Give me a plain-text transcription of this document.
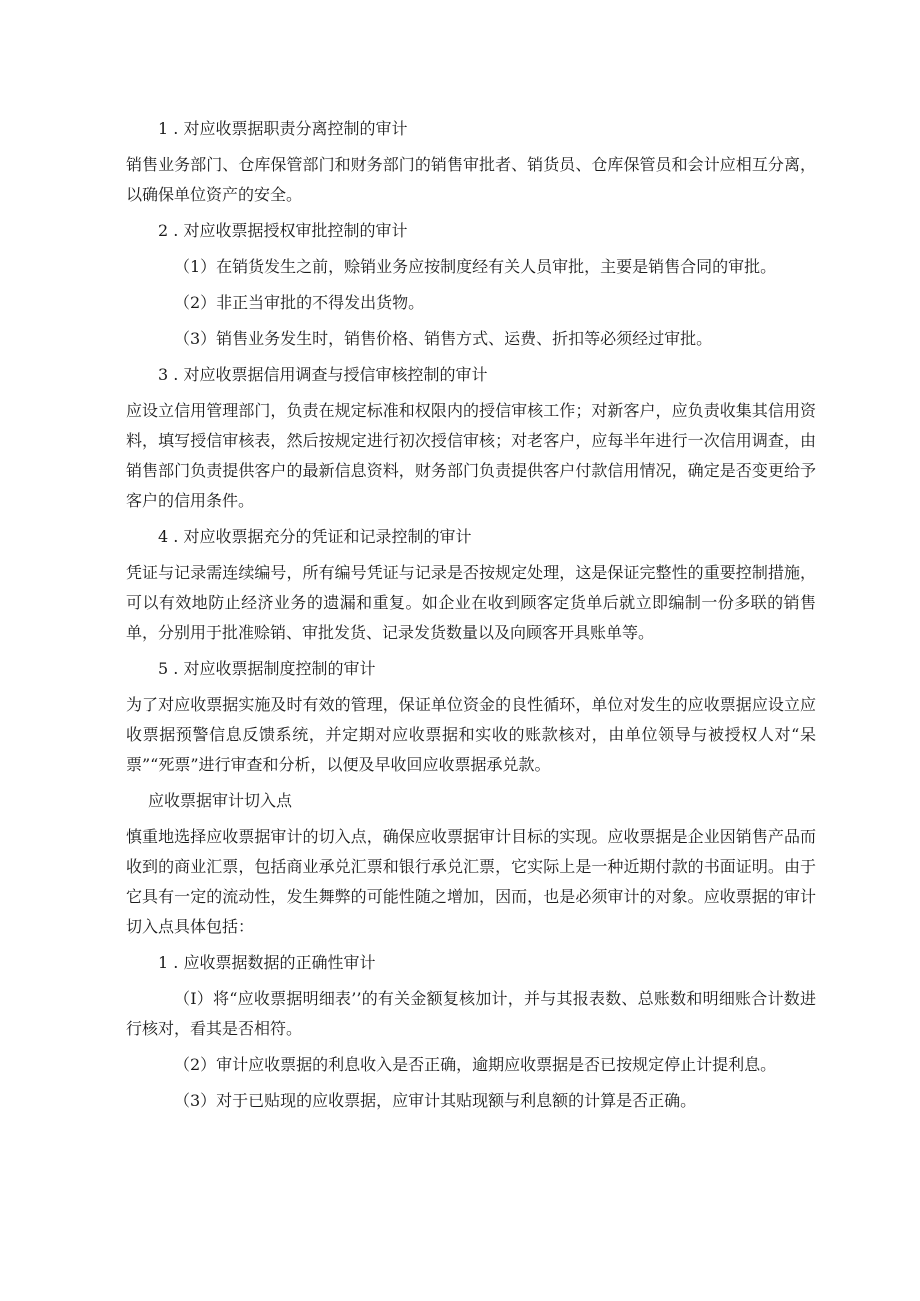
1 . 对应收票据职责分离控制的审计

销售业务部门、仓库保管部门和财务部门的销售审批者、销货员、仓库保管员和会计应相互分离，以确保单位资产的安全。

2 . 对应收票据授权审批控制的审计

（1）在销货发生之前，赊销业务应按制度经有关人员审批，主要是销售合同的审批。

（2）非正当审批的不得发出货物。

（3）销售业务发生时，销售价格、销售方式、运费、折扣等必须经过审批。

3 . 对应收票据信用调查与授信审核控制的审计

应设立信用管理部门，负责在规定标准和权限内的授信审核工作；对新客户，应负责收集其信用资料，填写授信审核表，然后按规定进行初次授信审核；对老客户，应每半年进行一次信用调查，由销售部门负责提供客户的最新信息资料，财务部门负责提供客户付款信用情况，确定是否变更给予客户的信用条件。

4 . 对应收票据充分的凭证和记录控制的审计

凭证与记录需连续编号，所有编号凭证与记录是否按规定处理，这是保证完整性的重要控制措施，可以有效地防止经济业务的遗漏和重复。如企业在收到顾客定货单后就立即编制一份多联的销售单，分别用于批准赊销、审批发货、记录发货数量以及向顾客开具账单等。

5 . 对应收票据制度控制的审计

为了对应收票据实施及时有效的管理，保证单位资金的良性循环，单位对发生的应收票据应设立应收票据预警信息反馈系统，并定期对应收票据和实收的账款核对，由单位领导与被授权人对“呆票”“死票”进行审查和分析，以便及早收回应收票据承兑款。

应收票据审计切入点

慎重地选择应收票据审计的切入点，确保应收票据审计目标的实现。应收票据是企业因销售产品而收到的商业汇票，包括商业承兑汇票和银行承兑汇票，它实际上是一种近期付款的书面证明。由于它具有一定的流动性，发生舞弊的可能性随之增加，因而，也是必须审计的对象。应收票据的审计切入点具体包括：

1 . 应收票据数据的正确性审计

（I）将“应收票据明细表’’的有关金额复核加计，并与其报表数、总账数和明细账合计数进行核对，看其是否相符。

（2）审计应收票据的利息收入是否正确，逾期应收票据是否已按规定停止计提利息。

（3）对于已贴现的应收票据，应审计其贴现额与利息额的计算是否正确。
